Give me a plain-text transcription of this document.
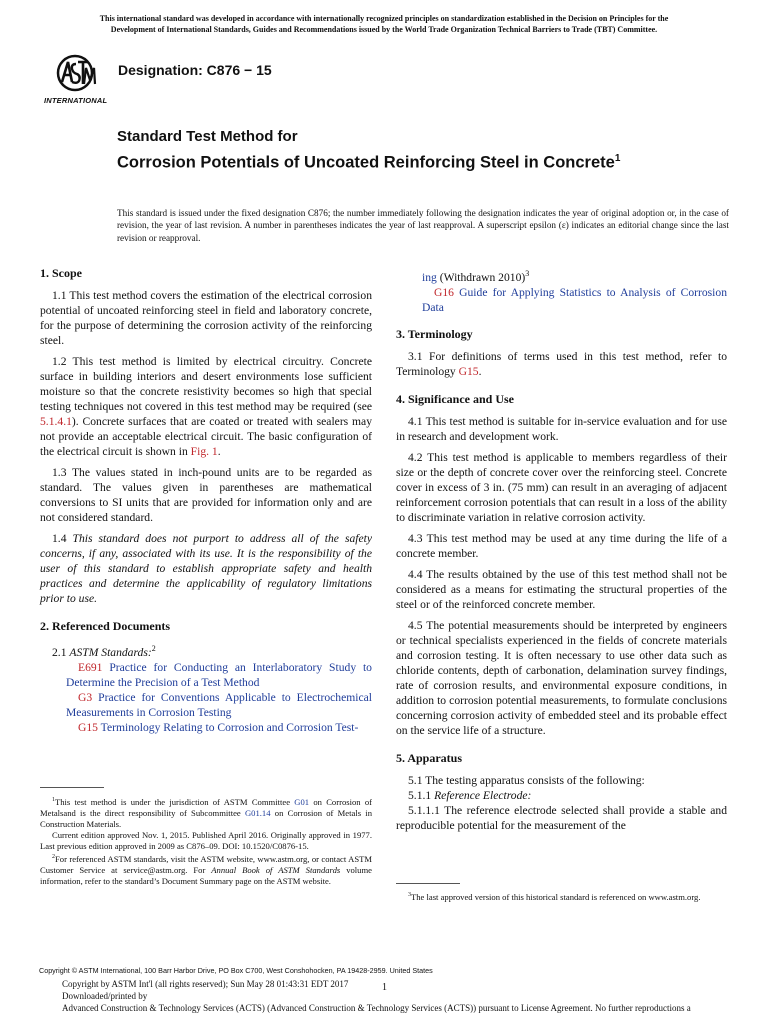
This international standard was developed in accordance with internationally recognized principles on standardization established in the Decision on Principles for the
Development of International Standards, Guides and Recommendations issued by the World Trade Organization Technical Barriers to Trade (TBT) Committee.
INTERNATIONAL
Designation: C876 − 15
Standard Test Method for
Corrosion Potentials of Uncoated Reinforcing Steel in Concrete$^1$
This standard is issued under the fixed designation C876; the number immediately following the designation indicates the year of original adoption or, in the case of revision, the year of last revision. A number in parentheses indicates the year of last reapproval. A superscript epsilon (ε) indicates an editorial change since the last revision or reapproval.
1. Scope

1.1 This test method covers the estimation of the electrical corrosion potential of uncoated reinforcing steel in field and laboratory concrete, for the purpose of determining the corrosion activity of the reinforcing steel.

1.2 This test method is limited by electrical circuitry. Concrete surface in building interiors and desert environments lose sufficient moisture so that the concrete resistivity becomes so high that special testing techniques not covered in this test method may be required (see 5.1.4.1). Concrete surfaces that are coated or treated with sealers may not provide an acceptable electrical circuit. The basic configuration of the electrical circuit is shown in Fig. 1.

1.3 The values stated in inch-pound units are to be regarded as standard. The values given in parentheses are mathematical conversions to SI units that are provided for information only and are not considered standard.

1.4 This standard does not purport to address all of the safety concerns, if any, associated with its use. It is the responsibility of the user of this standard to establish appropriate safety and health practices and determine the applicability of regulatory limitations prior to use.

2. Referenced Documents

2.1 ASTM Standards:$^2$

E691 Practice for Conducting an Interlaboratory Study to Determine the Precision of a Test Method

G3 Practice for Conventions Applicable to Electrochemical Measurements in Corrosion Testing

G15 Terminology Relating to Corrosion and Corrosion Test-

$^1$This test method is under the jurisdiction of ASTM Committee G01 on Corrosion of Metalsand is the direct responsibility of Subcommittee G01.14 on Corrosion of Metals in Construction Materials.

Current edition approved Nov. 1, 2015. Published April 2016. Originally approved in 1977. Last previous edition approved in 2009 as C876–09. DOI: 10.1520/C0876-15.

$^2$For referenced ASTM standards, visit the ASTM website, www.astm.org, or contact ASTM Customer Service at service@astm.org. For Annual Book of ASTM Standards volume information, refer to the standard’s Document Summary page on the ASTM website.

ing (Withdrawn 2010)$^3$

G16 Guide for Applying Statistics to Analysis of Corrosion Data

3. Terminology

3.1 For definitions of terms used in this test method, refer to Terminology G15.

4. Significance and Use

4.1 This test method is suitable for in-service evaluation and for use in research and development work.

4.2 This test method is applicable to members regardless of their size or the depth of concrete cover over the reinforcing steel. Concrete cover in excess of 3 in. (75 mm) can result in an averaging of adjacent reinforcement corrosion potentials that can result in a loss of the ability to discriminate variation in relative corrosion activity.

4.3 This test method may be used at any time during the life of a concrete member.

4.4 The results obtained by the use of this test method shall not be considered as a means for estimating the structural properties of the steel or of the reinforced concrete member.

4.5 The potential measurements should be interpreted by engineers or technical specialists experienced in the fields of concrete materials and corrosion testing. It is often necessary to use other data such as chloride contents, depth of carbonation, delamination survey findings, rate of corrosion results, and environmental exposure conditions, in addition to corrosion potential measurements, to formulate conclusions concerning corrosion activity of embedded steel and its probable effect on the service life of a structure.

5. Apparatus

5.1 The testing apparatus consists of the following:

5.1.1 Reference Electrode:

5.1.1.1 The reference electrode selected shall provide a stable and reproducible potential for the measurement of the

$^3$The last approved version of this historical standard is referenced on www.astm.org.

Copyright © ASTM International, 100 Barr Harbor Drive, PO Box C700, West Conshohocken, PA 19428-2959. United States
1
Copyright by ASTM Int'l (all rights reserved); Sun May 28 01:43:31 EDT 2017
Downloaded/printed by
Advanced Construction & Technology Services (ACTS) (Advanced Construction & Technology Services (ACTS)) pursuant to License Agreement. No further reproductions a
